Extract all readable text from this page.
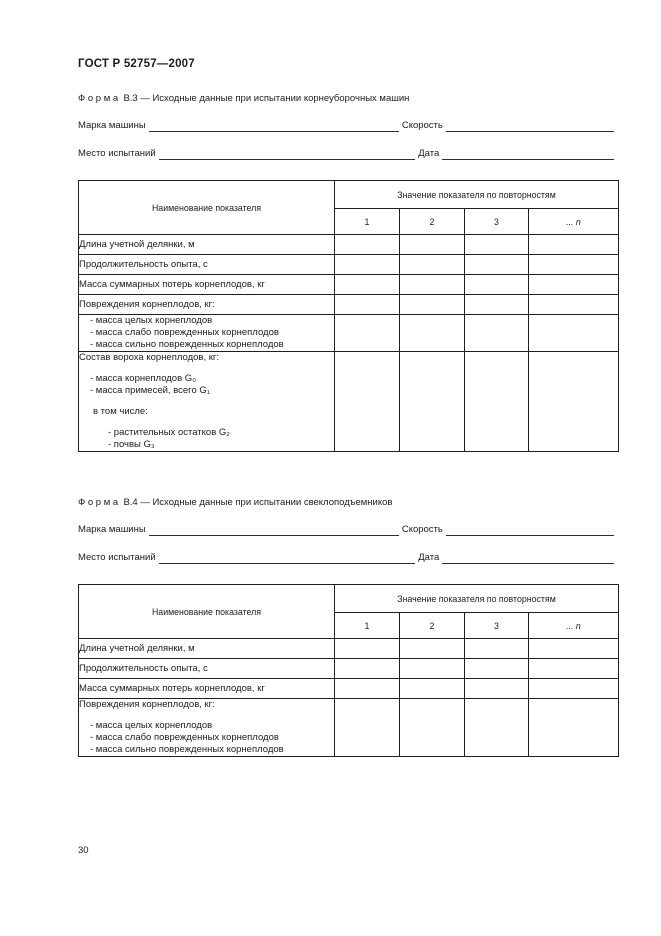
ГОСТ Р 52757—2007
Ф о р м а  В.3 — Исходные данные при испытании корнеуборочных машин
Марка машины	Скорость
Место испытаний	Дата
Наименование показателя	Значение показателя по повторностям			
	1	2	3	... n

Длина учетной делянки, м				

Продолжительность опыта, с				

Масса суммарных потерь корнеплодов, кг				

Повреждения корнеплодов, кг:				

- масса целых корнеплодов
- масса слабо поврежденных корнеплодов
- масса сильно поврежденных корнеплодов				

Состав вороха корнеплодов, кг:
- масса корнеплодов G₀
- масса примесей, всего G₁
в том числе:
- растительных остатков G₂
- почвы G₃

Ф о р м а  В.4 — Исходные данные при испытании свеклоподъемников
Марка машины	Скорость
Место испытаний	Дата
Наименование показателя	Значение показателя по повторностям			
	1	2	3	... n

Длина учетной делянки, м				

Продолжительность опыта, с				

Масса суммарных потерь корнеплодов, кг				

Повреждения корнеплодов, кг:
- масса целых корнеплодов
- масса слабо поврежденных корнеплодов
- масса сильно поврежденных корнеплодов				

30
